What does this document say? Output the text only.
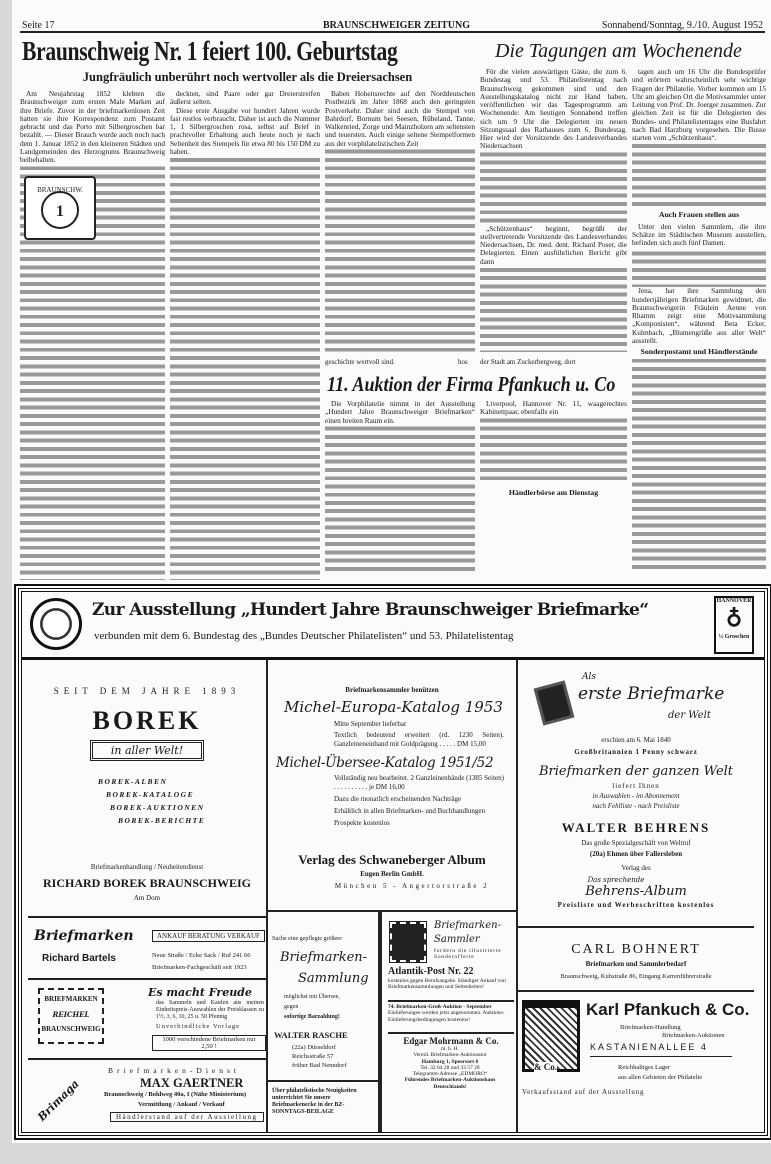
Seite 17	BRAUNSCHWEIGER ZEITUNG	Sonnabend/Sonntag, 9./10. August 1952
Braunschweig Nr. 1 feiert 100. Geburtstag
Jungfräulich unberührt noch wertvoller als die Dreiersachsen
Die Tagungen am Wochenende

Am Neujahrstag 1852 klebten die Braunschweiger zum ersten Male Marken auf ihre Briefe. Zuvor in der briefmarkenlosen Zeit hatten sie ihre Korrespondenz zum Postamt gebracht und das Porto mit Silbergroschen bar bezahlt. — Dieser Brauch wurde auch noch nach dem 1. Januar 1852 in den kleineren Städten und Landgemeinden des Herzogtums Braunschweig beibehalten.

1
BRAUNSCHW.

deckten, sind Paare oder gar Dreierstreifen äußerst selten.

Diese erste Ausgabe vor hundert Jahren wurde fast restlos verbraucht. Daher ist auch die Nummer 1, 1 Silbergroschen rosa, selbst auf Brief in prachtvoller Erhaltung auch heute noch je nach Seltenheit des Stempels für etwa 80 bis 150 DM zu haben.

Baben Hoheitsrechte auf den Norddeutschen Postbezirk im Jahre 1868 auch den geringsten Postverkehr. Daher sind auch die Stempel von Bahrdorf, Bornum bei Seesen, Rübeland, Tanne, Walkenried, Zorge und Mainzholzen am seltensten und teuersten. Auch einige seltene Stempelformen aus der vorphilatelistischen Zeit

geschichte wertvoll sind.	hos
11. Auktion der Firma Pfankuch u. Co

Die Vorphilatelie nimmt in der Ausstellung „Hundert Jahre Braunschweiger Briefmarken“ einen breiten Raum ein.

Liverpool, Hannover Nr. 11, waagerechtes Kabinettpaar, ebenfalls ein

Für die vielen auswärtigen Gäste, die zum 6. Bundestag und 53. Philatelistentag nach Braunschweig gekommen sind und den Ausstellungskatalog nicht zur Hand haben, veröffentlichen wir das Tagesprogramm am Wochenende: Am heutigen Sonnabend treffen sich um 9 Uhr die Delegierten im neuen Sitzungssaal des Rathauses zum 6. Bundestag. Hier wird der Vorsitzende des Landesverbandes Niedersachsen

„Schützenhaus“ beginnt, begrüßt der stellvertretende Vorsitzende des Landesverbandes Niedersachsen, Dr. med. dent. Richard Poser, die Delegierten. Einen ausführlichen Bericht gibt dann

der Stadt am Zuckerbergweg, dort

tagen auch um 16 Uhr die Bundesprüfer und erörtern wahrscheinlich sehr wichtige Fragen der Philatelie. Vorher kommen um 15 Uhr am gleichen Ort die Motivsammler unter Leitung von Prof. Dr. Joerger zusammen. Zur gleichen Zeit ist für die Delegierten des Bundes- und Philatelistentages eine Busfahrt nach Bad Harzburg vorgesehen. Die Busse starten vom „Schützenhaus“.

Auch Frauen stellen aus

Unter den vielen Sammlern, die ihre Schätze im Städtischen Museum ausstellen, befinden sich auch fünf Damen.

Jena, hat ihre Sammlung den hundertjährigen Briefmarken gewidmet, die Braunschweigerin Fräulein Aenne von Rhamm zeigt eine Motivsammlung „Komponisten“, während Beta Ecker, Kulmbach, „Blumengrüße aus aller Welt“ ausstellt.

Sonderpostamt und Händlerstände
Händlerbörse am Dienstag
Zur Ausstellung „Hundert Jahre Braunschweiger Briefmarke“
verbunden mit dem 6. Bundestag des „Bundes Deutscher Philatelisten“ und 53. Philatelistentag
HANNOVER
♁
½ Groschen
SEIT DEM JAHRE 1893
BOREK
in aller Welt!
BOREK-ALBEN
BOREK-KATALOGE
BOREK-AUKTIONEN
BOREK-BERICHTE
Briefmarkenhandlung / Neuheitendienst
RICHARD BOREK BRAUNSCHWEIG
Am Dom
Briefmarken	ANKAUF BERATUNG VERKAUF
Richard Bartels	Neue Straße / Ecke Sack / Ruf 241 66
Briefmarken-Fachgeschäft seit 1923
BRIEFMARKEN
REICHEL
BRAUNSCHWEIG
Es macht Freude
das Sammeln und Kaufen aus meinen Einheitspreis-Auswahlen der Preisklassen zu 1½, 3, 6, 10, 25 u. 50 Pfennig
Unverbindliche Vorlage
1000 verschiedene Briefmarken nur 2,50 !
Brimaga
Briefmarken-Dienst
MAX GAERTNER
Braunschweig / Bohlweg 40a, I (Nähe Ministerium)
Vermittlung / Ankauf / Verkauf
Händlerstand auf der Ausstellung
Briefmarkensammler benützen
Michel-Europa-Katalog 1953
Mitte September lieferbar
Textlich bedeutend erweitert (rd. 1230 Seiten). Ganzleineneinband mit Goldprägung . . . . . DM 15,00
Michel-Übersee-Katalog 1951/52
Vollständig neu bearbeitet. 2 Ganzleinenbände (1385 Seiten) . . . . . . . . . . je DM 16,00
Dazu die monatlich erscheinenden Nachträge
Erhältlich in allen Briefmarken- und Buchhandlungen
Prospekte kostenlos
Verlag des Schwaneberger Album
Eugen Berlin GmbH.
München 5 - Angertorstraße 2
Suche eine gepflegte größere
Briefmarken-
Sammlung
möglichst mit Übersee,
gegen
sofortige Barzahlung!
WALTER RASCHE
(22a) Düsseldorf
Reichsstraße 57
früher Bad Nenndorf
Über philatelistische Neuigkeiten unterrichtet Sie unsere Briefmarkenecke in der BZ-SONNTAGS-BEILAGE
Briefmarken-
Sammler
fordern die illustrierte Sonderofferte
Atlantik-Post Nr. 22
kostenlos gegen Berufsangabe. Ständiger Ankauf von Briefmarkensammlungen und Seltenheiten!
74. Briefmarken-Groß-Auktion - September
Einlieferungen werden jetzt angenommen. Auktions-Einlieferungsbedingungen kostenlos!
Edgar Mohrmann & Co.
m. b. H.
Vereid. Briefmarken-Auktionator
Hamburg 1, Speersort 6
Tel. 32 64 28 und 33 57 28
Telegramm-Adresse „EDMORO“
Führendes Briefmarken-Auktionshaus Deutschlands!
Als
erste Briefmarke
der Welt
erschien am 6. Mai 1840
Großbritannien 1 Penny schwarz
Briefmarken der ganzen Welt
liefert Ihnen
in Auswahlen - im Abonnement
nach Fehlliste - nach Preisliste
WALTER BEHRENS
Das große Spezialgeschäft von Weltruf
(20a) Ehmen über Fallersleben
Verlag des
Das sprechende
Behrens-Album
Preisliste und Werbeschriften kostenlos
CARL BOHNERT
Briefmarken und Sammlerbedarf
Braunschweig, Kuhstraße 86, Eingang Karrenführerstraße
& Co.
Karl Pfankuch & Co.
Briefmarken-Handlung
Briefmarken-Auktionen
KASTANIENALLEE 4
Reichhaltiges Lager
aus allen Gebieten der Philatelie
Verkaufsstand auf der Ausstellung
